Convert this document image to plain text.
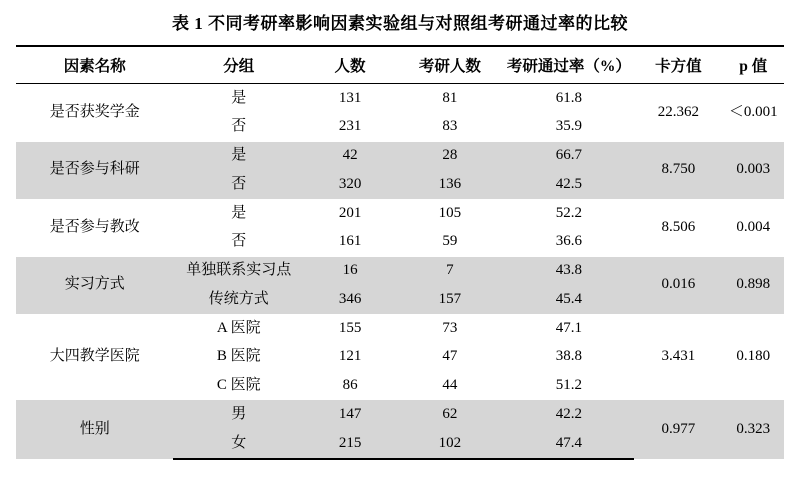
表 1 不同考研率影响因素实验组与对照组考研通过率的比较
因素名称	分组	人数	考研人数	考研通过率（%）	卡方值	p 值
是否获奖学金	是	131	81	61.8	22.362	＜0.001
	否	231	83	35.9		
是否参与科研	是	42	28	66.7	8.750	0.003
	否	320	136	42.5		
是否参与教改	是	201	105	52.2	8.506	0.004
	否	161	59	36.6		
实习方式	单独联系实习点	16	7	43.8	0.016	0.898
	传统方式	346	157	45.4		
大四教学医院	A 医院	155	73	47.1	3.431	0.180
	B 医院	121	47	38.8		
	C 医院	86	44	51.2		
性别	男	147	62	42.2	0.977	0.323
	女	215	102	47.4		
